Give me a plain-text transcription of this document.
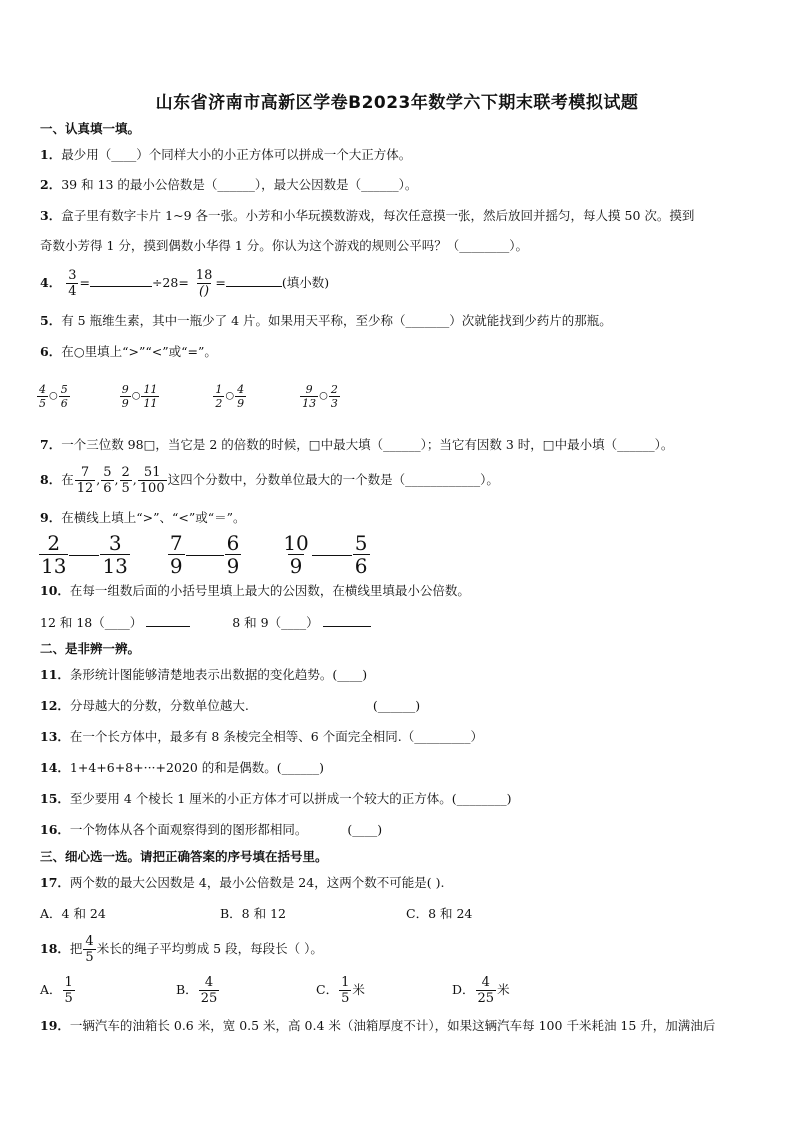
山东省济南市高新区学卷B2023年数学六下期末联考模拟试题
一、认真填一填。
1．最少用（____）个同样大小的小正方体可以拼成一个大正方体。
2．39 和 13 的最小公倍数是（______），最大公因数是（______）。
3．盒子里有数字卡片 1~9 各一张。小芳和小华玩摸数游戏，每次任意摸一张，然后放回并摇匀，每人摸 50 次。摸到
奇数小芳得 1 分，摸到偶数小华得 1 分。你认为这个游戏的规则公平吗？（________）。
4． $\frac{3}{4}$ =	$\div 28= \frac{18}{()}$ =	(填小数)
5．有 5 瓶维生素，其中一瓶少了 4 片。如果用天平称，至少称（_______）次就能找到少药片的那瓶。
6．在○里填上“>”“<”或“=”。
$\frac{4}{5}$ ○ $\frac{5}{6}$
	$\frac{9}{9}$ ○ $\frac{11}{11}$
	$\frac{1}{2}$ ○ $\frac{4}{9}$
	$\frac{9}{13}$ ○ $\frac{2}{3}$
7．一个三位数 98□，当它是 2 的倍数的时候，□中最大填（______）；当它有因数 3 时，□中最小填（______）。
8．在 $\frac{7}{12}$ , $\frac{5}{6}$ , $\frac{2}{5}$ , $\frac{51}{100}$ 这四个分数中，分数单位最大的一个数是（____________）。
9．在横线上填上“>”、“<”或“＝”。
$\frac{2}{13} \frac{3}{13}$
$\frac{7}{9} \frac{6}{9}$
$\frac{10}{9} \frac{5}{6}$
10．在每一组数后面的小括号里填上最大的公因数，在横线里填最小公倍数。
12 和 18（____）	8 和 9（____）
二、是非辨一辨。
11．条形统计图能够清楚地表示出数据的变化趋势。(____)
12．分母越大的分数，分数单位越大.	(______)
13．在一个长方体中，最多有 8 条棱完全相等、6 个面完全相同.（_________）
14．1+4+6+8+···+2020 的和是偶数。(______)
15．至少要用 4 个棱长 1 厘米的小正方体才可以拼成一个较大的正方体。(________)
16．一个物体从各个面观察得到的图形都相同。	(____)
三、细心选一选。请把正确答案的序号填在括号里。
17．两个数的最大公因数是 4，最小公倍数是 24，这两个数不可能是( ).
A．4 和 24	B．8 和 12	C．8 和 24
18．把 $\frac{4}{5}$ 米长的绳子平均剪成 5 段，每段长（ ）。
A． $\frac{1}{5}$	B． $\frac{4}{25}$	C． $\frac{1}{5}$ 米	D． $\frac{4}{25}$ 米
19．一辆汽车的油箱长 0.6 米，宽 0.5 米，高 0.4 米（油箱厚度不计），如果这辆汽车每 100 千米耗油 15 升，加满油后
